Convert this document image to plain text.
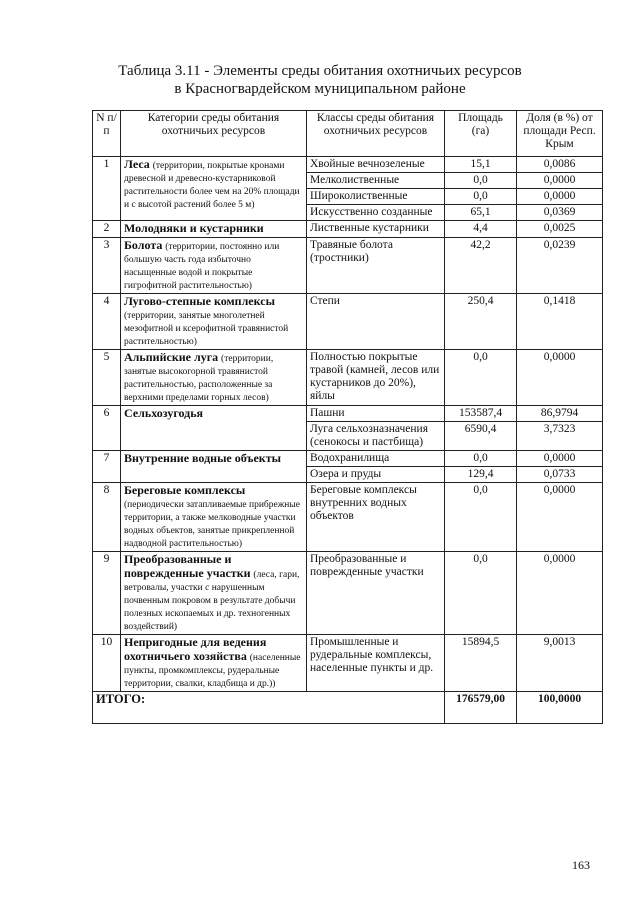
Таблица 3.11 - Элементы среды обитания охотничьих ресурсов
в Красногвардейском муниципальном районе
N п/п	Категории среды обитания охотничьих ресурсов	Классы среды обитания охотничьих ресурсов	Площадь (га)	Доля (в %) от площади Респ. Крым
1	Леса (территории, покрытые кронами древесной и древесно-кустарниковой растительности более чем на 20% площади и с высотой растений более 5 м)	Хвойные вечнозеленые	15,1	0,0086
		Мелколиственные	0,0	0,0000
		Широколиственные	0,0	0,0000
		Искусственно созданные	65,1	0,0369
2	Молодняки и кустарники	Лиственные кустарники	4,4	0,0025
3	Болота (территории, постоянно или большую часть года избыточно насыщенные водой и покрытые гигрофитной растительностью)	Травяные болота (тростники)	42,2	0,0239
4	Лугово-степные комплексы (территории, занятые многолетней мезофитной и ксерофитной травянистой растительностью)	Степи	250,4	0,1418
5	Альпийские луга (территории, занятые высокогорной травянистой растительностью, расположенные за верхними пределами горных лесов)	Полностью покрытые травой (камней, лесов или кустарников до 20%), яйлы	0,0	0,0000
6	Сельхозугодья	Пашни	153587,4	86,9794
		Луга сельхозназначения (сенокосы и пастбища)	6590,4	3,7323
7	Внутренние водные объекты	Водохранилища	0,0	0,0000
		Озера и пруды	129,4	0,0733
8	Береговые комплексы (периодически затапливаемые прибрежные территории, а также мелководные участки водных объектов, занятые прикрепленной надводной растительностью)	Береговые комплексы внутренних водных объектов	0,0	0,0000
9	Преобразованные и поврежденные участки (леса, гари, ветровалы, участки с нарушенным почвенным покровом в результате добычи полезных ископаемых и др. техногенных воздействий)	Преобразованные и поврежденные участки	0,0	0,0000
10	Непригодные для ведения охотничьего хозяйства (населенные пункты, промкомплексы, рудеральные территории, свалки, кладбища и др.))	Промышленные и рудеральные комплексы, населенные пункты и др.	15894,5	9,0013
ИТОГО:			176579,00	100,0000
163
